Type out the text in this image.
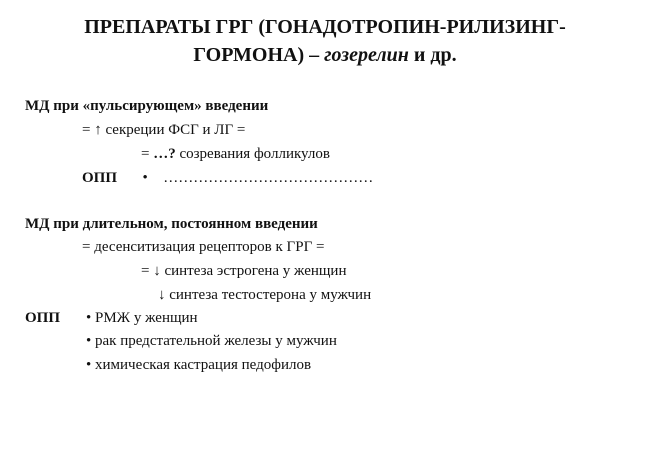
ПРЕПАРАТЫ ГРГ (ГОНАДОТРОПИН-РИЛИЗИНГ-
ГОРМОНА) – гозерелин и др.
МД при «пульсирующем» введении
= ↑ секреции ФСГ и ЛГ =
= …? созревания фолликулов
ОПП • ……………………………………
МД при длительном, постоянном введении
= десенситизация рецепторов к ГРГ =
= ↓ синтеза эстрогена у женщин
↓ синтеза тестостерона у мужчин
ОПП • РМЖ у женщин
• рак предстательной железы у мужчин
• химическая кастрация педофилов
